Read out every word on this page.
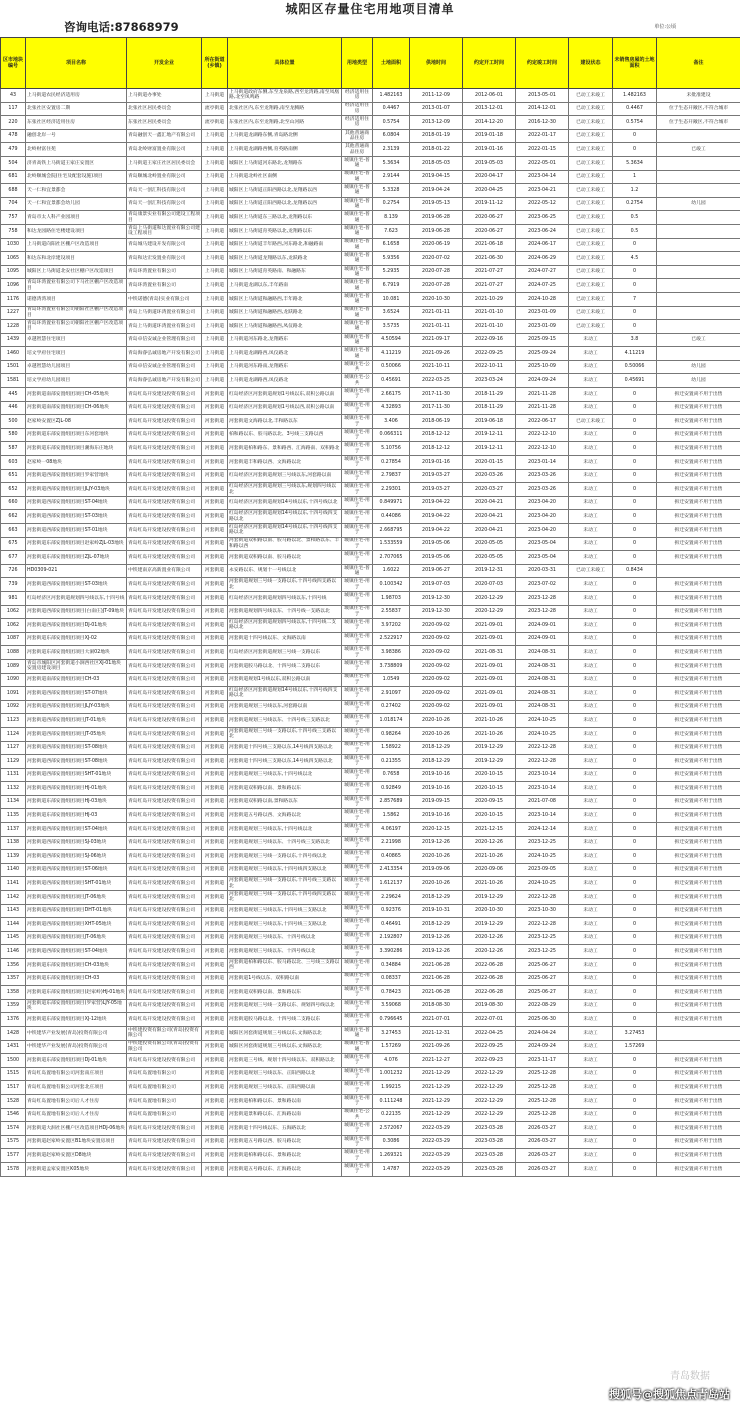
城阳区存量住宅用地项目清单
咨询电话:87868979	单位:公顷
区市地块编号	项目名称	开发企业	所在街道(乡镇)	具体位置	用地类型	土地面积	供地时间	约定开工时间	约定竣工时间	建设状态	未销售房屋的土地面积	备注
43	上马街道农民经济适用房	上马街道办事处	上马街道	上马街道政府东侧,东至龙泉路,西至龙湾路,南至凤凰路,北至凤鸣路	经济适用住房	1.482163	2011-12-09	2012-06-01	2013-05-01	已动工未竣工	1.482163	未批准建设
117	北张社区安置房二期	北张社区居民委员会	流亭街道	北张社区内,东至龙翔路,南至龙腾路	经济适用住房	0.4467	2013-01-07	2013-12-01	2014-12-01	已动工未竣工	0.4467	位于生态开敞区,不符合城市
220	东张社区经济适用住房	东张社区居民委员会	流亭街道	东张社区内,东至龙翔路,北至山河路	经济适用住房	0.5754	2013-12-09	2014-12-20	2016-12-30	已动工未竣工	0.5754	位于生态开敞区,不符合城市
478	融创北岸一号	青岛融创天一鑫汇地产有限公司	上马街道	上马街道龙湖路东侧,青岛路北侧	其他普通商品住房	6.0804	2018-01-19	2019-01-18	2022-01-17	已动工未竣工	0	
479	北岭财富住苑	青岛北岭财富置业有限公司	上马街道	上马街道龙湖路西侧,育英路南侧	其他普通商品住房	2.3139	2018-01-22	2019-01-16	2022-01-15	已动工未竣工	0	已竣工
504	济青高铁上马街道王家庄安置区	上马街道王家庄社区居民委员会	上马街道	城阳区上马街道河东路北,龙翔路东	城镇住宅-普通	5.3634	2018-05-03	2019-05-03	2022-05-01	已动工未竣工	5.3634	
681	北岭顺城会院(住宅及配套设施)项目	青岛顺城北岭置业有限公司	上马街道	上马街道北岭社区南侧	城镇住宅-普通	2.9144	2019-04-15	2020-04-17	2023-04-14	已动工未竣工	1	
688	天一仁和宜景都会	青岛天一创汇科技有限公司	上马街道	城阳区上马街道正阳西路以北,龙翔路以西	城镇住宅-普通	5.3328	2019-04-24	2020-04-25	2023-04-21	已动工未竣工	1.2	
704	天一仁和宜景都会幼儿园	青岛天一创汇科技有限公司	上马街道	城阳区上马街道正阳西路以北,龙翔路以西	城镇住宅-普通	0.2754	2019-05-13	2019-11-12	2022-05-12	已动工未竣工	0.2754	幼儿园
757	青岛市太人科产业园项目	青岛康景实业有限公司建设工程项目	上马街道	城阳区上马街道东三路以北,龙翔路以东	城镇住宅-普通	8.139	2019-06-28	2020-06-27	2023-06-25	已动工未竣工	0.5	
758	和达龙园路住宅楼建设项目	青岛上马街道和达置业有限公司建设工程项目	上马街道	城阳区上马街道育英路以北,龙翔路以东	城镇住宅-普通	7.623	2019-06-28	2020-06-27	2023-06-24	已动工未竣工	0.5	
1030	上马街道向阳社区棚户区改造项目	青岛城马建设开发有限公司	上马街道	城阳区上马街道丰年路西,河东路北,和融路南	城镇住宅-普通	6.1658	2020-06-19	2021-06-18	2024-06-17	已动工未竣工	0	
1065	和达东和北岸建设项目	青岛和达宏发置业有限公司	上马街道	城阳区上马街道龙翔路以东,龙跃路北	城镇住宅-普通	5.9356	2020-07-02	2021-06-30	2024-06-29	已动工未竣工	4.5	
1095	城阳区上马街道北安社区棚户区改造项目	青岛环湾置业有限公司	上马街道	城阳区上马街道育英路南、和融路东	城镇住宅-普通	5.2935	2020-07-28	2021-07-27	2024-07-27	已动工未竣工	0	
1096	青岛环湾置业有限公司下马社区棚户区改造项目	青岛环湾置业有限公司	上马街道	上马街道龙湖以东,丰年路南	城镇住宅-普通	6.7919	2020-07-28	2021-07-27	2024-07-25	已动工未竣工	0	
1176	诺德湾湾项目	中铁诺德(青岛)实业有限公司	上马街道	城阳区上马街道和融路西,丰年路北	城镇住宅-普通	10.081	2020-10-30	2021-10-29	2024-10-28	已动工未竣工	7	
1227	青岛环湾置业有限公司朝阳社区棚户区改造项目	青岛上马街道环湾置业有限公司	上马街道	城阳区上马街道和融路西,龙跃路北	城镇住宅-普通	3.6524	2021-01-11	2021-01-10	2023-01-09	已动工未竣工	0	
1228	青岛环湾置业有限公司朝阳社区棚户区改造项目	青岛上马街道环湾置业有限公司	上马街道	城阳区上马街道和融路西,凤仪路北	城镇住宅-普通	3.5735	2021-01-11	2021-01-10	2023-01-09	已动工未竣工	0	
1439	卓越智慧住宅项目	青岛卓信安诚企业管理有限公司	上马街道	上马街道河东路北,龙翔路东	城镇住宅-普通	4.50594	2021-09-17	2022-09-16	2025-09-15	未动工	3.8	已竣工
1460	培文学府住宅项目	青岛海睿弘诚房地产开发有限公司	上马街道	上马街道龙湖路西,凤仪路北	城镇住宅-普通	4.11219	2021-09-26	2022-09-25	2025-09-24	未动工	4.11219	
1501	卓越智慧幼儿园项目	青岛卓信安诚企业管理有限公司	上马街道	上马街道河东路南,龙翔路东	城镇住宅-公共	0.50066	2021-10-11	2022-10-11	2025-10-09	未动工	0.50066	幼儿园
1581	培文学府幼儿园项目	青岛海睿弘诚房地产开发有限公司	上马街道	上马街道龙湖路西,凤仪路北	城镇住宅-公共	0.45691	2022-03-25	2023-03-24	2024-09-24	未动工	0.45691	幼儿园
445	河套街道南部安置组团项目CH-05地块	青岛红岛开发建设投资有限公司	河套街道	红岛经济区河套街道规划1号线以东,双积公路以南	城镇住宅-用于	2.66175	2017-11-30	2018-11-29	2021-11-28	未动工	0	拆迁安置尚不用于出售
446	河套街道南部安置组团项目CH-06地块	青岛红岛开发建设投资有限公司	河套街道	红岛经济区河套街道规划1号线以西,双积公路以南	城镇住宅-用于	4.32893	2017-11-30	2018-11-29	2021-11-28	未动工	0	拆迁安置尚不用于出售
500	赵家岭安置区ZJL-08	青岛红岛开发建设投资有限公司	河套街道	河套街道文海路以北,丰和路以东	城镇住宅-用于	3.406	2018-06-19	2019-06-18	2022-06-17	已动工未竣工	0	拆迁安置尚不用于出售
580	河套街道东部安置组团项目东河套地块	青岛红岛开发建设投资有限公司	河套街道	柏和路以东、胶马路以北、3号线三支路以西	城镇住宅-用于	0.066311	2018-12-12	2019-12-11	2022-12-10	未动工	0	拆迁安置尚不用于出售
587	河套街道东部安置组团项目潮海东庄地块	青岛红岛开发建设投资有限公司	河套街道	河套街道柏和路东、景和路西、汇海路南、双积路北	城镇住宅-用于	5.10756	2018-12-12	2019-12-11	2022-12-10	未动工	0	拆迁安置尚不用于出售
603	赵家岭一08地块	青岛红岛开发建设投资有限公司	河套街道	河套街道丰和路以西、文海路以北	城镇住宅-用于	0.27854	2019-01-16	2020-01-15	2023-01-14	未动工	0	拆迁安置尚不用于出售
651	河套街道西部安置组团项目罗家营地块	青岛红岛开发建设投资有限公司	河套街道	红岛经济区河套街道规划三号线以东,河套路以南	城镇住宅-用于	2.79837	2019-03-27	2020-03-26	2023-03-26	未动工	0	拆迁安置尚不用于出售
652	河套街道西部安置组团项目JLJY-03地块	青岛红岛开发建设投资有限公司	河套街道	红岛经济区河套街道规划三号线以东,规划四号线以北	城镇住宅-用于	2.29301	2019-03-27	2020-03-27	2023-03-26	未动工	0	拆迁安置尚不用于出售
660	河套街道西部安置组团项目ST-04地块	青岛红岛开发建设投资有限公司	河套街道	红岛经济区河套街道规划14号线以东,十四号线以北	城镇住宅-用于	0.849971	2019-04-22	2020-04-21	2023-04-20	未动工	0	拆迁安置尚不用于出售
662	河套街道西部安置组团项目ST-03地块	青岛红岛开发建设投资有限公司	河套街道	红岛经济区河套街道规划14号线以东,十四号线四支路以北	城镇住宅-用于	0.44086	2019-04-22	2020-04-21	2023-04-20	未动工	0	拆迁安置尚不用于出售
663	河套街道西部安置组团项目ST-01地块	青岛红岛开发建设投资有限公司	河套街道	红岛经济区河套街道规划14号线以东,十四号线四支路以北	城镇住宅-用于	2.668795	2019-04-22	2020-04-21	2023-04-20	未动工	0	拆迁安置尚不用于出售
675	河套街道东部安置组团项目赵家岭ZJL-03地块	青岛红岛开发建设投资有限公司	河套街道	河套街道双积路以南、胶马路以北、景和路以东、丰和路以西	城镇住宅-用于	1.533559	2019-05-06	2020-05-05	2023-05-04	未动工	0	拆迁安置尚不用于出售
677	河套街道东部安置组团项目ZJL-07地块	青岛红岛开发建设投资有限公司	河套街道	河套街道双积路以南、胶马路以北	城镇住宅-用于	2.707065	2019-05-06	2020-05-05	2023-05-04	未动工	0	拆迁安置尚不用于出售
726	HD0309-021	中铁建南京高新置业有限公司	河套街道	永安路以东、规划十一号线以北	城镇住宅-普通	1.6022	2019-06-27	2019-12-31	2020-03-31	已动工未竣工	0.8434	
739	河套街道西部安置组团项目ST-03地块	青岛红岛开发建设投资有限公司	河套街道	河套街道规划三号线一支路以东,十四号线四支路以北	城镇住宅-用于	0.100342	2019-07-03	2020-07-03	2023-07-02	未动工	0	拆迁安置尚不用于出售
981	红岛经济区河套街道规划四号线以东,十四号线	青岛红岛开发建设投资有限公司	河套街道	红岛经济区河套街道规划四号线以东,十四号线	城镇住宅-用于	1.98703	2019-12-30	2020-12-29	2023-12-28	未动工	0	拆迁安置尚不用于出售
1062	河套街道西部安置组团项目(白南庄)JT-09地块	青岛红岛开发建设投资有限公司	河套街道	河套街道规划四号线以东、十四号线一支路以北	城镇住宅-用于	2.55837	2019-12-30	2020-12-29	2023-12-28	未动工	0	拆迁安置尚不用于出售
1062	河套街道西部安置组团项目DJ-01地块	青岛红岛开发建设投资有限公司	河套街道	红岛经济区河套街道规划四号线以东,十四号线二支路以北	城镇住宅-用于	3.97202	2020-09-02	2021-09-01	2024-09-01	未动工	0	拆迁安置尚不用于出售
1087	河套街道东部安置组团项目XJ-02	青岛红岛开发建设投资有限公司	河套街道	河套街道十四号线以东、文海路以南	城镇住宅-用于	2.522917	2020-09-02	2021-09-01	2024-09-01	未动工	0	拆迁安置尚不用于出售
1088	河套街道东部安置组团项目大洞02地块	青岛红岛开发建设投资有限公司	河套街道	红岛经济区河套街道规划三号线一支路以东	城镇住宅-用于	3.98386	2020-09-02	2021-08-31	2024-08-31	未动工	0	拆迁安置尚不用于出售
1089	青岛市城阳区河套街道小涧西社区XJ-01地块安置房建设项目	青岛红岛开发建设投资有限公司	河套街道	河套街道胶马路以北、十四号线二支路以东	城镇住宅-用于	3.738809	2020-09-02	2021-09-01	2024-08-31	未动工	0	拆迁安置尚不用于出售
1090	河套街道南部安置组团项目CH-03	青岛红岛开发建设投资有限公司	河套街道	河套街道规划1号线以东,双积公路以南	城镇住宅-用于	1.0549	2020-09-02	2021-09-01	2024-08-31	未动工	0	拆迁安置尚不用于出售
1091	河套街道西部安置组团项目ST-07地块	青岛红岛开发建设投资有限公司	河套街道	红岛经济区河套街道规划14号线以东,十四号线四支路以北	城镇住宅-用于	2.91097	2020-09-02	2021-09-01	2024-08-31	未动工	0	拆迁安置尚不用于出售
1092	河套街道西部安置组团项目JLJY-03地块	青岛红岛开发建设投资有限公司	河套街道	河套街道规划三号线以东,河套路以南	城镇住宅-用于	0.27402	2020-09-02	2021-09-01	2024-08-31	未动工	0	拆迁安置尚不用于出售
1123	河套街道西部安置组团项目JT-01地块	青岛红岛开发建设投资有限公司	河套街道	河套街道规划三号线以东、十四号线三支路以北	城镇住宅-用于	1.018174	2020-10-26	2021-10-26	2024-10-25	未动工	0	拆迁安置尚不用于出售
1124	河套街道西部安置组团项目JT-05地块	青岛红岛开发建设投资有限公司	河套街道	河套街道规划三号线一支路以东,十四号线三支路以北	城镇住宅-用于	0.98264	2020-10-26	2021-10-26	2024-10-25	未动工	0	拆迁安置尚不用于出售
1127	河套街道西部安置组团项目ST-08地块	青岛红岛开发建设投资有限公司	河套街道	河套街道十四号线三支路以东,14号线四支路以北	城镇住宅-用于	1.58922	2018-12-29	2019-12-29	2022-12-28	未动工	0	拆迁安置尚不用于出售
1129	河套街道西部安置组团项目ST-08地块	青岛红岛开发建设投资有限公司	河套街道	河套街道十四号线三支路以东,14号线四支路以北	城镇住宅-用于	0.21355	2018-12-29	2019-12-29	2022-12-28	未动工	0	拆迁安置尚不用于出售
1131	河套街道西部安置组团项目SHT-01地块	青岛红岛开发建设投资有限公司	河套街道	河套街道规划三号线以东,十四号线以北	城镇住宅-用于	0.7658	2019-10-16	2020-10-15	2023-10-14	未动工	0	拆迁安置尚不用于出售
1132	河套街道西部安置组团项目HJ-01地块	青岛红岛开发建设投资有限公司	河套街道	河套街道双积路以南、景和路以东	城镇住宅-用于	0.92849	2019-10-16	2020-10-15	2023-10-14	未动工	0	拆迁安置尚不用于出售
1134	河套街道东部安置组团项目HJ-03地块	青岛红岛开发建设投资有限公司	河套街道	河套街道双积路以南,景和路以东	城镇住宅-用于	2.857689	2019-09-15	2020-09-15	2021-07-08	未动工	0	拆迁安置尚不用于出售
1135	河套街道东部安置组团项目HJ-03	青岛红岛开发建设投资有限公司	河套街道	河套街道五号路以西、文海路以北	城镇住宅-用于	1.5862	2019-10-16	2020-10-15	2023-10-14	未动工	0	拆迁安置尚不用于出售
1137	河套街道西部安置组团项目ST-04地块	青岛红岛开发建设投资有限公司	河套街道	河套街道规划三号线以东,十四号线以北	城镇住宅-用于	4.06197	2020-12-15	2021-12-15	2024-12-14	未动工	0	拆迁安置尚不用于出售
1138	河套街道西部安置组团项目SJ-03地块	青岛红岛开发建设投资有限公司	河套街道	河套街道规划三号线以东、十四号线三支路以北	城镇住宅-用于	2.21998	2019-12-26	2020-12-26	2023-12-25	未动工	0	拆迁安置尚不用于出售
1139	河套街道西部安置组团项目SJ-06地块	青岛红岛开发建设投资有限公司	河套街道	河套街道规划三号线一支路以东,十四号线以北	城镇住宅-用于	0.40865	2020-10-26	2021-10-26	2024-10-25	未动工	0	拆迁安置尚不用于出售
1140	河套街道西部安置组团项目ST-06地块	青岛红岛开发建设投资有限公司	河套街道	河套街道规划三号线以东,十四号线四支路以北	城镇住宅-用于	2.413354	2019-09-06	2020-09-06	2023-09-05	未动工	0	拆迁安置尚不用于出售
1141	河套街道西部安置组团项目SHT-01地块	青岛红岛开发建设投资有限公司	河套街道	河套街道规划三号线一支路以东,十四号线三支路以北	城镇住宅-用于	1.612137	2020-10-26	2021-10-26	2024-10-25	未动工	0	拆迁安置尚不用于出售
1142	河套街道西部安置组团项目JT-06地块	青岛红岛开发建设投资有限公司	河套街道	河套街道规划三号线一支路以东,十四号线四支路以北	城镇住宅-用于	2.29624	2018-12-29	2019-12-29	2022-12-28	未动工	0	拆迁安置尚不用于出售
1143	河套街道西部安置组团项目DHT-01地块	青岛红岛开发建设投资有限公司	河套街道	河套街道规划三号线以东,十四号线三支路以北	城镇住宅-用于	0.92376	2019-10-31	2020-10-30	2023-10-30	未动工	0	拆迁安置尚不用于出售
1144	河套街道西部安置组团项目XHT-05地块	青岛红岛开发建设投资有限公司	河套街道	河套街道规划三号线以东,十四号线三支路以北	城镇住宅-用于	0.46491	2018-12-29	2019-12-29	2022-12-28	未动工	0	拆迁安置尚不用于出售
1145	河套街道西部安置组团项目JT-06地块	青岛红岛开发建设投资有限公司	河套街道	河套街道规划三号线以东、十四号线以北	城镇住宅-用于	2.192807	2019-12-26	2020-12-26	2023-12-25	未动工	0	拆迁安置尚不用于出售
1146	河套街道西部安置组团项目ST-04地块	青岛红岛开发建设投资有限公司	河套街道	河套街道规划三号线以东、十四号线以北	城镇住宅-用于	3.390286	2019-12-26	2020-12-26	2023-12-25	未动工	0	拆迁安置尚不用于出售
1356	河套街道东部安置组团项目CH-03地块	青岛红岛开发建设投资有限公司	河套街道	河套街道柏和路以东、胶马路以北、三号线三支路以西	城镇住宅-用于	0.34884	2021-06-28	2022-06-28	2025-06-27	未动工	0	拆迁安置尚不用于出售
1357	河套街道东部安置组团项目CH-03	青岛红岛开发建设投资有限公司	河套街道	河套街道1号线以东、双积路以南	城镇住宅-用于	0.08337	2021-06-28	2022-06-28	2025-06-27	未动工	0	拆迁安置尚不用于出售
1358	河套街道东部安置组团项目(赵家岭)HJ-01地块	青岛红岛开发建设投资有限公司	河套街道	河套街道双积路以南、景和路以东	城镇住宅-用于	0.78423	2021-06-28	2022-06-28	2025-06-27	未动工	0	拆迁安置尚不用于出售
1359	河套街道东部安置组团项目(罗家营)LJY-05地块	青岛红岛开发建设投资有限公司	河套街道	河套街道规划三号线一支路以东、规划四号线以北	城镇住宅-用于	3.59068	2018-08-30	2019-08-30	2022-08-29	未动工	0	拆迁安置尚不用于出售
1376	河套街道东部安置组团项目XJ-12地块	青岛红岛开发建设投资有限公司	河套街道	河套街道胶马路以北、十四号线二支路以东	城镇住宅-用于	0.796645	2021-07-01	2022-07-01	2025-06-30	未动工	0	拆迁安置尚不用于出售
1428	中铁建华产业发展(青岛)投资有限公司	中铁建投资有限公司(青岛)投资有限公司	河套街道	城阳区河套街道规划三号线以东,文海路以北	城镇住宅-普通	3.27453	2021-12-31	2022-04-25	2024-04-24	未动工	3.27453	
1431	中铁建华产业发展(青岛)投资有限公司	中铁建投资有限公司(青岛)投资有限公司	河套街道	城阳区河套街道规划三号线以东,文海路以北	城镇住宅-普通	1.57269	2021-09-26	2022-09-25	2024-09-24	未动工	1.57269	
1500	河套街道东部安置组团项目DJ-01地块	青岛红岛开发建设投资有限公司	河套街道	河套街道三号线、规划十四号线以东、双积路以北	城镇住宅-用于	4.076	2021-12-27	2022-09-23	2023-11-17	未动工	0	拆迁安置尚不用于出售
1515	青岛红岛置地有限公司河套南庄项目	青岛红岛置地有限公司	河套街道	河套街道规划三号线以东、正阳西路以北	城镇住宅-用于	1.001232	2021-12-29	2022-12-29	2025-12-28	未动工	0	拆迁安置尚不用于出售
1517	青岛红岛置地有限公司河套北庄项目	青岛红岛置地有限公司	河套街道	河套街道规划三号线以东、正阳西路以南	城镇住宅-用于	1.99215	2021-12-29	2022-12-29	2025-12-28	未动工	0	拆迁安置尚不用于出售
1528	青岛红岛置地有限公司后人才住房	青岛红岛置地有限公司	河套街道	河套街道柏和路以东、景和路以南	城镇住宅-用于	0.111248	2021-12-29	2022-12-29	2025-12-28	未动工	0	拆迁安置尚不用于出售
1546	青岛红岛置地有限公司后人才住房	青岛红岛置地有限公司	河套街道	河套街道景和路以东、汇海路以南	城镇住宅-公共	0.22135	2021-12-29	2022-12-29	2025-12-28	未动工	0	拆迁安置尚不用于出售
1574	河套街道大洞社区棚户区改造项目HDJ-06地块	青岛红岛开发建设投资有限公司	河套街道	河套街道十四号线以东、五海路以北	城镇住宅-用于	2.572067	2022-03-29	2023-03-28	2026-03-27	未动工	0	拆迁安置尚不用于出售
1575	河套街道赵家岭安置区B1地块安置房项目	青岛红岛开发建设投资有限公司	河套街道	河套街道五号路以西、胶马路以北	城镇住宅-用于	0.3086	2022-03-29	2023-03-28	2026-03-27	未动工	0	拆迁安置尚不用于出售
1577	河套街道赵家岭安置区D8地块	青岛红岛开发建设投资有限公司	河套街道	河套街道柏和路以东、景和路以北	城镇住宅-用于	1.269321	2022-03-29	2023-03-28	2026-03-27	未动工	0	拆迁安置尚不用于出售
1578	河套街道孟家安置区K05地块	青岛红岛开发建设投资有限公司	河套街道	河套街道五号路以东、汇海路以北	城镇住宅-用于	1.4787	2022-03-29	2023-03-28	2026-03-27	未动工	0	拆迁安置尚不用于出售
青岛数据
搜狐号@搜狐焦点青岛站
